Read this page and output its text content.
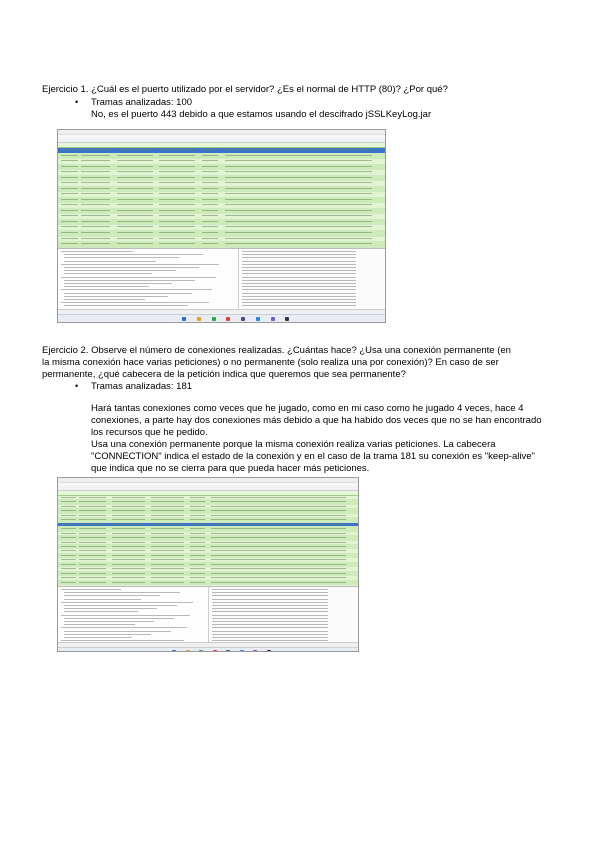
Ejercicio 1. ¿Cuál es el puerto utilizado por el servidor? ¿Es el normal de HTTP (80)? ¿Por qué?
• Tramas analizadas: 100
No, es el puerto 443 debido a que estamos usando el descifrado jSSLKeyLog.jar
Ejercicio 2. Observe el número de conexiones realizadas. ¿Cuántas hace? ¿Usa una conexión permanente (en
la misma conexión hace varias peticiones) o no permanente (solo realiza una por conexión)? En caso de ser
permanente, ¿qué cabecera de la petición indica que queremos que sea permanente?
• Tramas analizadas: 181
Hará tantas conexiones como veces que he jugado, como en mi caso como he jugado 4 veces, hace 4
conexiones, a parte hay dos conexiones más debido a que ha habido dos veces que no se han encontrado
los recursos que he pedido.
Usa una conexión permanente porque la misma conexión realiza varias peticiones. La cabecera
"CONNECTION" indica el estado de la conexión y en el caso de la trama 181 su conexión es "keep-alive"
que indica que no se cierra para que pueda hacer más peticiones.
